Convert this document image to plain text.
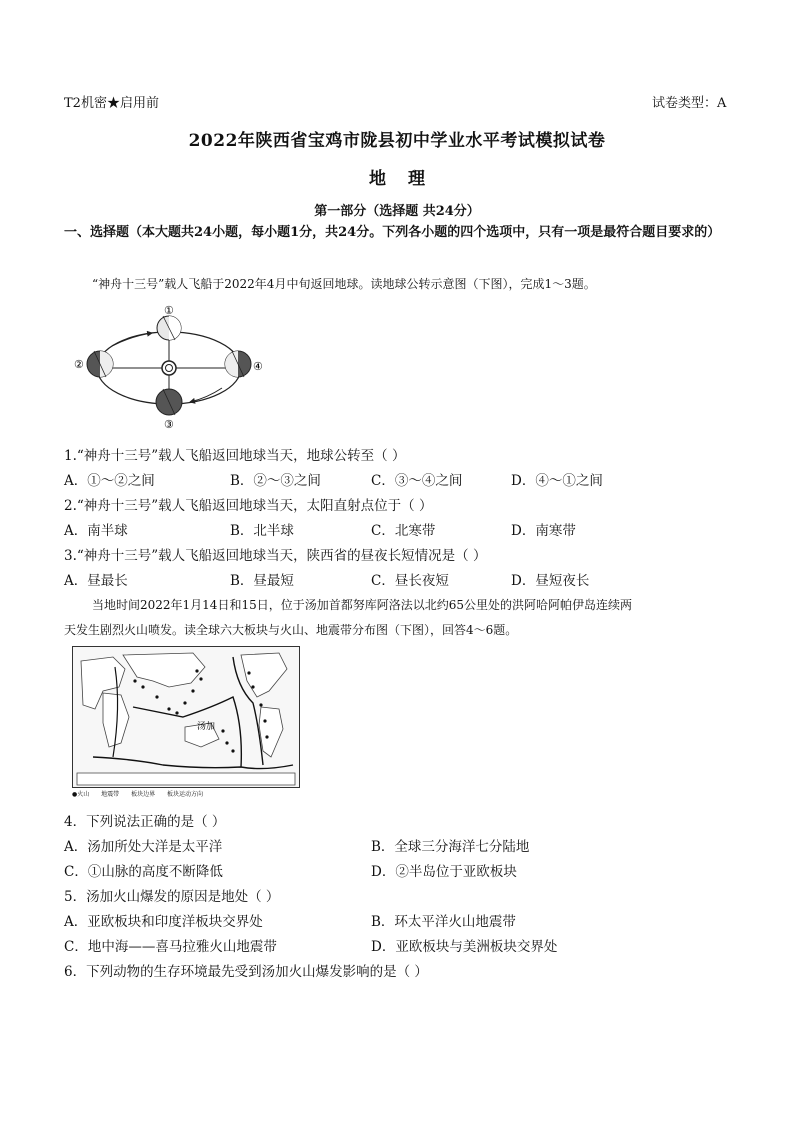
T2机密★启用前	试卷类型：A
2022年陕西省宝鸡市陇县初中学业水平考试模拟试卷
地理
第一部分（选择题 共24分）
一、选择题（本大题共24小题，每小题1分，共24分。下列各小题的四个选项中，只有一项是最符合题目要求的）
“神舟十三号”载人飞船于2022年4月中旬返回地球。读地球公转示意图（下图），完成1～3题。
①
②
③
④
1.“神舟十三号”载人飞船返回地球当天，地球公转至（ ）
A．①～②之间	B．②～③之间	C．③～④之间	D．④～①之间
2.“神舟十三号”载人飞船返回地球当天，太阳直射点位于（ ）
A．南半球	B．北半球	C．北寒带	D．南寒带
3.“神舟十三号”载人飞船返回地球当天，陕西省的昼夜长短情况是（ ）
A．昼最长	B．昼最短	C．昼长夜短	D．昼短夜长
当地时间2022年1月14日和15日，位于汤加首都努库阿洛法以北约65公里处的洪阿哈阿帕伊岛连续两
天发生剧烈火山喷发。读全球六大板块与火山、地震带分布图（下图），回答4～6题。
汤加
●火山 地震带 板块边界 板块运动方向
4．下列说法正确的是（ ）
A．汤加所处大洋是太平洋	B．全球三分海洋七分陆地
C．①山脉的高度不断降低	D．②半岛位于亚欧板块
5．汤加火山爆发的原因是地处（ ）
A．亚欧板块和印度洋板块交界处	B．环太平洋火山地震带
C．地中海——喜马拉雅火山地震带	D．亚欧板块与美洲板块交界处
6．下列动物的生存环境最先受到汤加火山爆发影响的是（ ）
